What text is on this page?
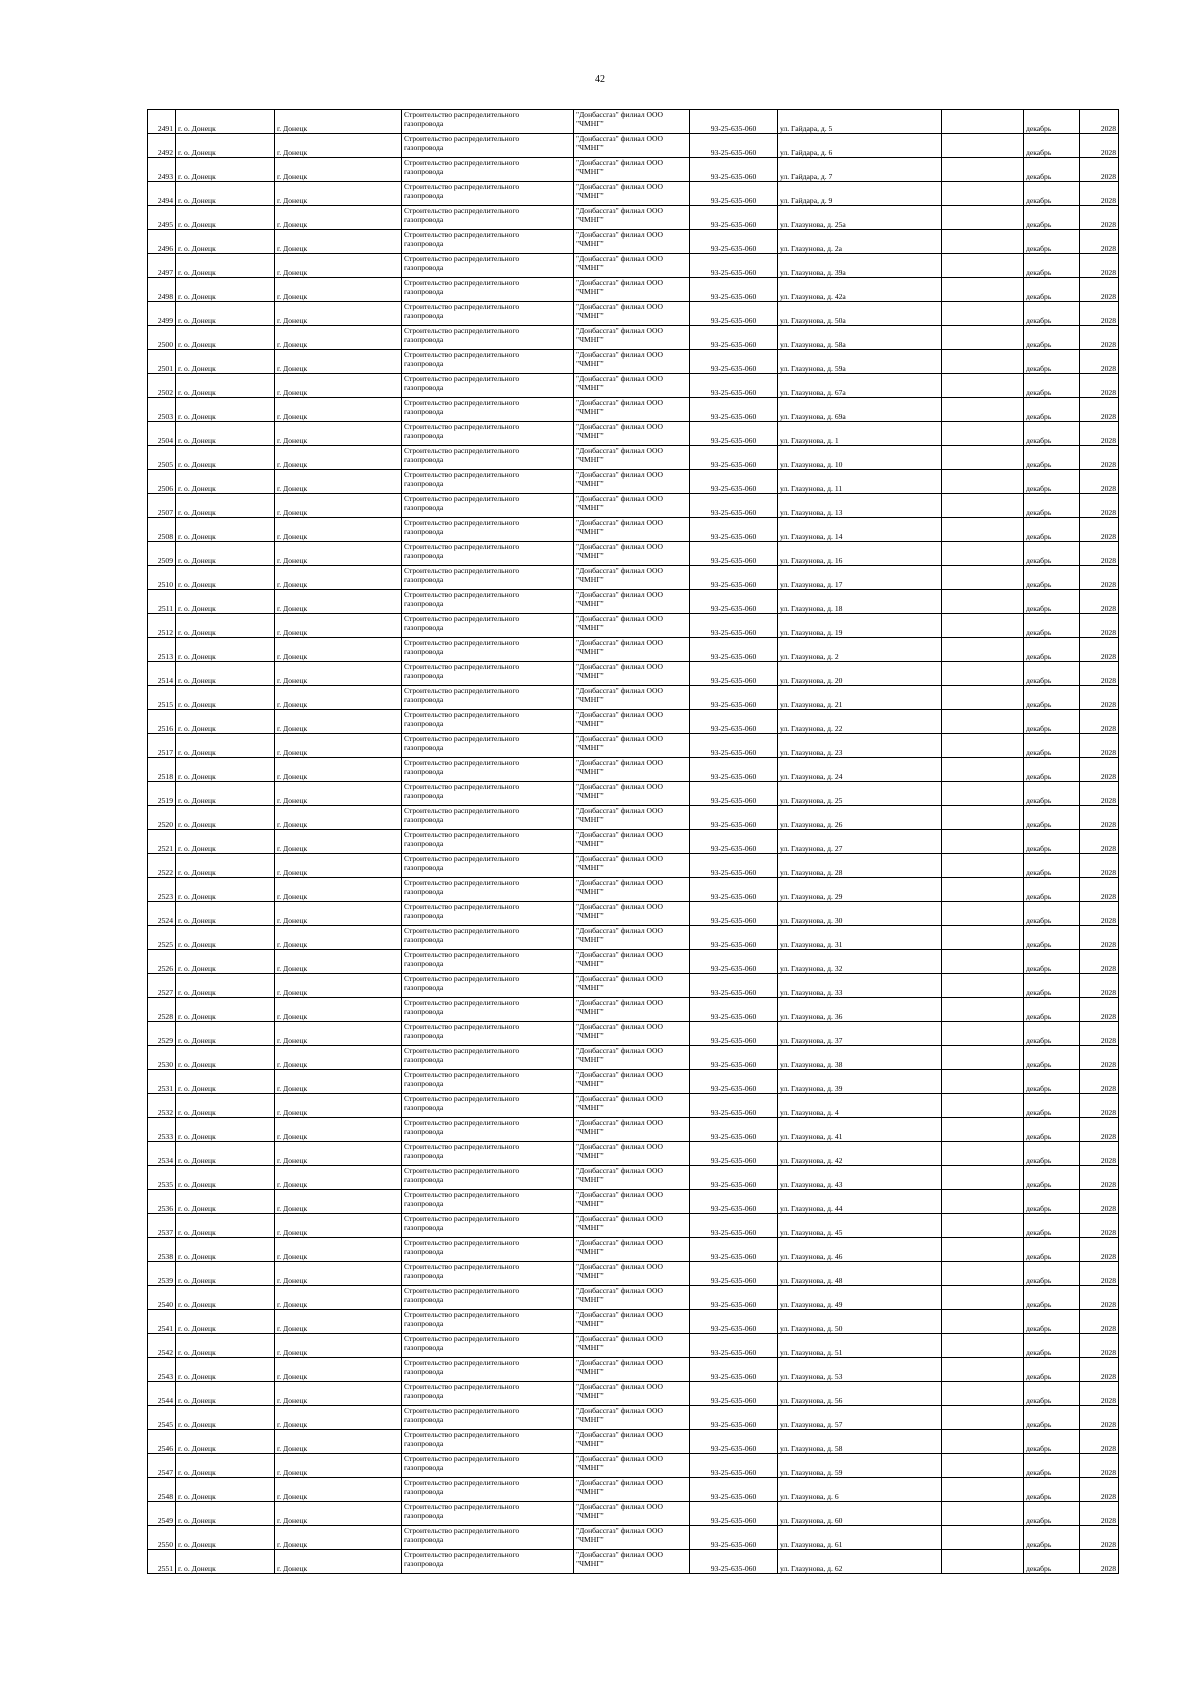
42
2491	г. о. Донецк	г. Донецк	Строительство распределительного
газопровода	"Донбассгаз" филиал ООО
"ЧМНГ"	93-25-635-060	ул. Гайдара, д. 5		декабрь	2028
2492	г. о. Донецк	г. Донецк	Строительство распределительного
газопровода	"Донбассгаз" филиал ООО
"ЧМНГ"	93-25-635-060	ул. Гайдара, д. 6		декабрь	2028
2493	г. о. Донецк	г. Донецк	Строительство распределительного
газопровода	"Донбассгаз" филиал ООО
"ЧМНГ"	93-25-635-060	ул. Гайдара, д. 7		декабрь	2028
2494	г. о. Донецк	г. Донецк	Строительство распределительного
газопровода	"Донбассгаз" филиал ООО
"ЧМНГ"	93-25-635-060	ул. Гайдара, д. 9		декабрь	2028
2495	г. о. Донецк	г. Донецк	Строительство распределительного
газопровода	"Донбассгаз" филиал ООО
"ЧМНГ"	93-25-635-060	ул. Глазунова, д. 25а		декабрь	2028
2496	г. о. Донецк	г. Донецк	Строительство распределительного
газопровода	"Донбассгаз" филиал ООО
"ЧМНГ"	93-25-635-060	ул. Глазунова, д. 2а		декабрь	2028
2497	г. о. Донецк	г. Донецк	Строительство распределительного
газопровода	"Донбассгаз" филиал ООО
"ЧМНГ"	93-25-635-060	ул. Глазунова, д. 39а		декабрь	2028
2498	г. о. Донецк	г. Донецк	Строительство распределительного
газопровода	"Донбассгаз" филиал ООО
"ЧМНГ"	93-25-635-060	ул. Глазунова, д. 42а		декабрь	2028
2499	г. о. Донецк	г. Донецк	Строительство распределительного
газопровода	"Донбассгаз" филиал ООО
"ЧМНГ"	93-25-635-060	ул. Глазунова, д. 50а		декабрь	2028
2500	г. о. Донецк	г. Донецк	Строительство распределительного
газопровода	"Донбассгаз" филиал ООО
"ЧМНГ"	93-25-635-060	ул. Глазунова, д. 58а		декабрь	2028
2501	г. о. Донецк	г. Донецк	Строительство распределительного
газопровода	"Донбассгаз" филиал ООО
"ЧМНГ"	93-25-635-060	ул. Глазунова, д. 59а		декабрь	2028
2502	г. о. Донецк	г. Донецк	Строительство распределительного
газопровода	"Донбассгаз" филиал ООО
"ЧМНГ"	93-25-635-060	ул. Глазунова, д. 67а		декабрь	2028
2503	г. о. Донецк	г. Донецк	Строительство распределительного
газопровода	"Донбассгаз" филиал ООО
"ЧМНГ"	93-25-635-060	ул. Глазунова, д. 69а		декабрь	2028
2504	г. о. Донецк	г. Донецк	Строительство распределительного
газопровода	"Донбассгаз" филиал ООО
"ЧМНГ"	93-25-635-060	ул. Глазунова, д. 1		декабрь	2028
2505	г. о. Донецк	г. Донецк	Строительство распределительного
газопровода	"Донбассгаз" филиал ООО
"ЧМНГ"	93-25-635-060	ул. Глазунова, д. 10		декабрь	2028
2506	г. о. Донецк	г. Донецк	Строительство распределительного
газопровода	"Донбассгаз" филиал ООО
"ЧМНГ"	93-25-635-060	ул. Глазунова, д. 11		декабрь	2028
2507	г. о. Донецк	г. Донецк	Строительство распределительного
газопровода	"Донбассгаз" филиал ООО
"ЧМНГ"	93-25-635-060	ул. Глазунова, д. 13		декабрь	2028
2508	г. о. Донецк	г. Донецк	Строительство распределительного
газопровода	"Донбассгаз" филиал ООО
"ЧМНГ"	93-25-635-060	ул. Глазунова, д. 14		декабрь	2028
2509	г. о. Донецк	г. Донецк	Строительство распределительного
газопровода	"Донбассгаз" филиал ООО
"ЧМНГ"	93-25-635-060	ул. Глазунова, д. 16		декабрь	2028
2510	г. о. Донецк	г. Донецк	Строительство распределительного
газопровода	"Донбассгаз" филиал ООО
"ЧМНГ"	93-25-635-060	ул. Глазунова, д. 17		декабрь	2028
2511	г. о. Донецк	г. Донецк	Строительство распределительного
газопровода	"Донбассгаз" филиал ООО
"ЧМНГ"	93-25-635-060	ул. Глазунова, д. 18		декабрь	2028
2512	г. о. Донецк	г. Донецк	Строительство распределительного
газопровода	"Донбассгаз" филиал ООО
"ЧМНГ"	93-25-635-060	ул. Глазунова, д. 19		декабрь	2028
2513	г. о. Донецк	г. Донецк	Строительство распределительного
газопровода	"Донбассгаз" филиал ООО
"ЧМНГ"	93-25-635-060	ул. Глазунова, д. 2		декабрь	2028
2514	г. о. Донецк	г. Донецк	Строительство распределительного
газопровода	"Донбассгаз" филиал ООО
"ЧМНГ"	93-25-635-060	ул. Глазунова, д. 20		декабрь	2028
2515	г. о. Донецк	г. Донецк	Строительство распределительного
газопровода	"Донбассгаз" филиал ООО
"ЧМНГ"	93-25-635-060	ул. Глазунова, д. 21		декабрь	2028
2516	г. о. Донецк	г. Донецк	Строительство распределительного
газопровода	"Донбассгаз" филиал ООО
"ЧМНГ"	93-25-635-060	ул. Глазунова, д. 22		декабрь	2028
2517	г. о. Донецк	г. Донецк	Строительство распределительного
газопровода	"Донбассгаз" филиал ООО
"ЧМНГ"	93-25-635-060	ул. Глазунова, д. 23		декабрь	2028
2518	г. о. Донецк	г. Донецк	Строительство распределительного
газопровода	"Донбассгаз" филиал ООО
"ЧМНГ"	93-25-635-060	ул. Глазунова, д. 24		декабрь	2028
2519	г. о. Донецк	г. Донецк	Строительство распределительного
газопровода	"Донбассгаз" филиал ООО
"ЧМНГ"	93-25-635-060	ул. Глазунова, д. 25		декабрь	2028
2520	г. о. Донецк	г. Донецк	Строительство распределительного
газопровода	"Донбассгаз" филиал ООО
"ЧМНГ"	93-25-635-060	ул. Глазунова, д. 26		декабрь	2028
2521	г. о. Донецк	г. Донецк	Строительство распределительного
газопровода	"Донбассгаз" филиал ООО
"ЧМНГ"	93-25-635-060	ул. Глазунова, д. 27		декабрь	2028
2522	г. о. Донецк	г. Донецк	Строительство распределительного
газопровода	"Донбассгаз" филиал ООО
"ЧМНГ"	93-25-635-060	ул. Глазунова, д. 28		декабрь	2028
2523	г. о. Донецк	г. Донецк	Строительство распределительного
газопровода	"Донбассгаз" филиал ООО
"ЧМНГ"	93-25-635-060	ул. Глазунова, д. 29		декабрь	2028
2524	г. о. Донецк	г. Донецк	Строительство распределительного
газопровода	"Донбассгаз" филиал ООО
"ЧМНГ"	93-25-635-060	ул. Глазунова, д. 30		декабрь	2028
2525	г. о. Донецк	г. Донецк	Строительство распределительного
газопровода	"Донбассгаз" филиал ООО
"ЧМНГ"	93-25-635-060	ул. Глазунова, д. 31		декабрь	2028
2526	г. о. Донецк	г. Донецк	Строительство распределительного
газопровода	"Донбассгаз" филиал ООО
"ЧМНГ"	93-25-635-060	ул. Глазунова, д. 32		декабрь	2028
2527	г. о. Донецк	г. Донецк	Строительство распределительного
газопровода	"Донбассгаз" филиал ООО
"ЧМНГ"	93-25-635-060	ул. Глазунова, д. 33		декабрь	2028
2528	г. о. Донецк	г. Донецк	Строительство распределительного
газопровода	"Донбассгаз" филиал ООО
"ЧМНГ"	93-25-635-060	ул. Глазунова, д. 36		декабрь	2028
2529	г. о. Донецк	г. Донецк	Строительство распределительного
газопровода	"Донбассгаз" филиал ООО
"ЧМНГ"	93-25-635-060	ул. Глазунова, д. 37		декабрь	2028
2530	г. о. Донецк	г. Донецк	Строительство распределительного
газопровода	"Донбассгаз" филиал ООО
"ЧМНГ"	93-25-635-060	ул. Глазунова, д. 38		декабрь	2028
2531	г. о. Донецк	г. Донецк	Строительство распределительного
газопровода	"Донбассгаз" филиал ООО
"ЧМНГ"	93-25-635-060	ул. Глазунова, д. 39		декабрь	2028
2532	г. о. Донецк	г. Донецк	Строительство распределительного
газопровода	"Донбассгаз" филиал ООО
"ЧМНГ"	93-25-635-060	ул. Глазунова, д. 4		декабрь	2028
2533	г. о. Донецк	г. Донецк	Строительство распределительного
газопровода	"Донбассгаз" филиал ООО
"ЧМНГ"	93-25-635-060	ул. Глазунова, д. 41		декабрь	2028
2534	г. о. Донецк	г. Донецк	Строительство распределительного
газопровода	"Донбассгаз" филиал ООО
"ЧМНГ"	93-25-635-060	ул. Глазунова, д. 42		декабрь	2028
2535	г. о. Донецк	г. Донецк	Строительство распределительного
газопровода	"Донбассгаз" филиал ООО
"ЧМНГ"	93-25-635-060	ул. Глазунова, д. 43		декабрь	2028
2536	г. о. Донецк	г. Донецк	Строительство распределительного
газопровода	"Донбассгаз" филиал ООО
"ЧМНГ"	93-25-635-060	ул. Глазунова, д. 44		декабрь	2028
2537	г. о. Донецк	г. Донецк	Строительство распределительного
газопровода	"Донбассгаз" филиал ООО
"ЧМНГ"	93-25-635-060	ул. Глазунова, д. 45		декабрь	2028
2538	г. о. Донецк	г. Донецк	Строительство распределительного
газопровода	"Донбассгаз" филиал ООО
"ЧМНГ"	93-25-635-060	ул. Глазунова, д. 46		декабрь	2028
2539	г. о. Донецк	г. Донецк	Строительство распределительного
газопровода	"Донбассгаз" филиал ООО
"ЧМНГ"	93-25-635-060	ул. Глазунова, д. 48		декабрь	2028
2540	г. о. Донецк	г. Донецк	Строительство распределительного
газопровода	"Донбассгаз" филиал ООО
"ЧМНГ"	93-25-635-060	ул. Глазунова, д. 49		декабрь	2028
2541	г. о. Донецк	г. Донецк	Строительство распределительного
газопровода	"Донбассгаз" филиал ООО
"ЧМНГ"	93-25-635-060	ул. Глазунова, д. 50		декабрь	2028
2542	г. о. Донецк	г. Донецк	Строительство распределительного
газопровода	"Донбассгаз" филиал ООО
"ЧМНГ"	93-25-635-060	ул. Глазунова, д. 51		декабрь	2028
2543	г. о. Донецк	г. Донецк	Строительство распределительного
газопровода	"Донбассгаз" филиал ООО
"ЧМНГ"	93-25-635-060	ул. Глазунова, д. 53		декабрь	2028
2544	г. о. Донецк	г. Донецк	Строительство распределительного
газопровода	"Донбассгаз" филиал ООО
"ЧМНГ"	93-25-635-060	ул. Глазунова, д. 56		декабрь	2028
2545	г. о. Донецк	г. Донецк	Строительство распределительного
газопровода	"Донбассгаз" филиал ООО
"ЧМНГ"	93-25-635-060	ул. Глазунова, д. 57		декабрь	2028
2546	г. о. Донецк	г. Донецк	Строительство распределительного
газопровода	"Донбассгаз" филиал ООО
"ЧМНГ"	93-25-635-060	ул. Глазунова, д. 58		декабрь	2028
2547	г. о. Донецк	г. Донецк	Строительство распределительного
газопровода	"Донбассгаз" филиал ООО
"ЧМНГ"	93-25-635-060	ул. Глазунова, д. 59		декабрь	2028
2548	г. о. Донецк	г. Донецк	Строительство распределительного
газопровода	"Донбассгаз" филиал ООО
"ЧМНГ"	93-25-635-060	ул. Глазунова, д. 6		декабрь	2028
2549	г. о. Донецк	г. Донецк	Строительство распределительного
газопровода	"Донбассгаз" филиал ООО
"ЧМНГ"	93-25-635-060	ул. Глазунова, д. 60		декабрь	2028
2550	г. о. Донецк	г. Донецк	Строительство распределительного
газопровода	"Донбассгаз" филиал ООО
"ЧМНГ"	93-25-635-060	ул. Глазунова, д. 61		декабрь	2028
2551	г. о. Донецк	г. Донецк	Строительство распределительного
газопровода	"Донбассгаз" филиал ООО
"ЧМНГ"	93-25-635-060	ул. Глазунова, д. 62		декабрь	2028
